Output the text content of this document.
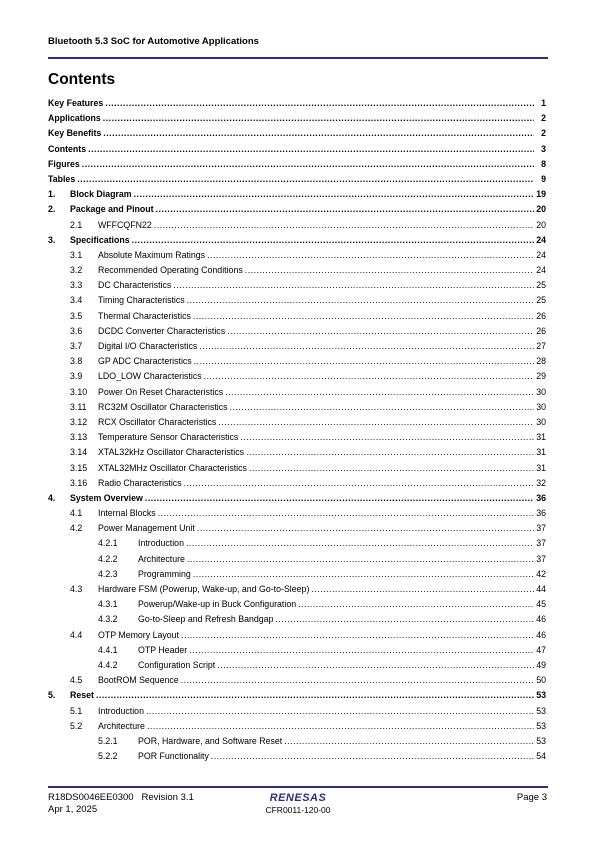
Bluetooth 5.3 SoC for Automotive Applications
Contents
Key Features .....	1
Applications .....	2
Key Benefits .....	2
Contents .....	3
Figures .....	8
Tables .....	9
1.	Block Diagram .....	19
2.	Package and Pinout .....	20
2.1	WFFCQFN22 .....	20
3.	Specifications .....	24
3.1	Absolute Maximum Ratings .....	24
3.2	Recommended Operating Conditions .....	24
3.3	DC Characteristics .....	25
3.4	Timing Characteristics .....	25
3.5	Thermal Characteristics .....	26
3.6	DCDC Converter Characteristics .....	26
3.7	Digital I/O Characteristics .....	27
3.8	GP ADC Characteristics .....	28
3.9	LDO_LOW Characteristics .....	29
3.10	Power On Reset Characteristics .....	30
3.11	RC32M Oscillator Characteristics .....	30
3.12	RCX Oscillator Characteristics .....	30
3.13	Temperature Sensor Characteristics .....	31
3.14	XTAL32kHz Oscillator Characteristics .....	31
3.15	XTAL32MHz Oscillator Characteristics .....	31
3.16	Radio Characteristics .....	32
4.	System Overview .....	36
4.1	Internal Blocks .....	36
4.2	Power Management Unit .....	37
4.2.1	Introduction .....	37
4.2.2	Architecture .....	37
4.2.3	Programming .....	42
4.3	Hardware FSM (Powerup, Wake-up, and Go-to-Sleep) .....	44
4.3.1	Powerup/Wake-up in Buck Configuration .....	45
4.3.2	Go-to-Sleep and Refresh Bandgap .....	46
4.4	OTP Memory Layout .....	46
4.4.1	OTP Header .....	47
4.4.2	Configuration Script .....	49
4.5	BootROM Sequence .....	50
5.	Reset .....	53
5.1	Introduction .....	53
5.2	Architecture .....	53
5.2.1	POR, Hardware, and Software Reset .....	53
5.2.2	POR Functionality .....	54
R18DS0046EE0300 Revision 3.1
Apr 1, 2025
RENESAS
CFR0011-120-00
Page 3
